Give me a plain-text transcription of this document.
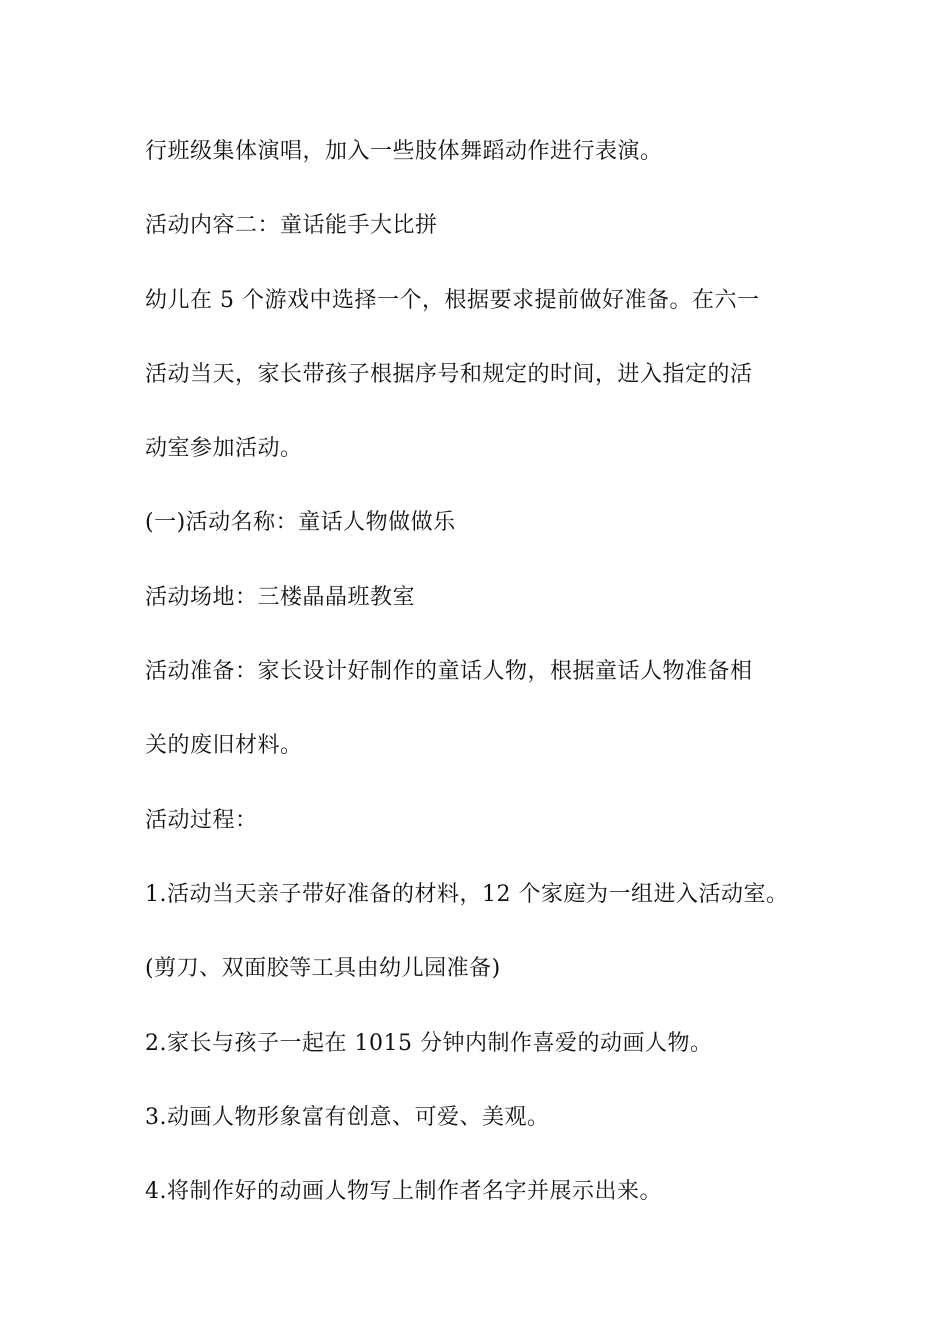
行班级集体演唱，加入一些肢体舞蹈动作进行表演。
活动内容二：童话能手大比拼
幼儿在 5 个游戏中选择一个，根据要求提前做好准备。在六一
活动当天，家长带孩子根据序号和规定的时间，进入指定的活
动室参加活动。
(一)活动名称：童话人物做做乐
活动场地：三楼晶晶班教室
活动准备：家长设计好制作的童话人物，根据童话人物准备相
关的废旧材料。
活动过程：
1.活动当天亲子带好准备的材料，12 个家庭为一组进入活动室。
(剪刀、双面胶等工具由幼儿园准备)
2.家长与孩子一起在 1015 分钟内制作喜爱的动画人物。
3.动画人物形象富有创意、可爱、美观。
4.将制作好的动画人物写上制作者名字并展示出来。
